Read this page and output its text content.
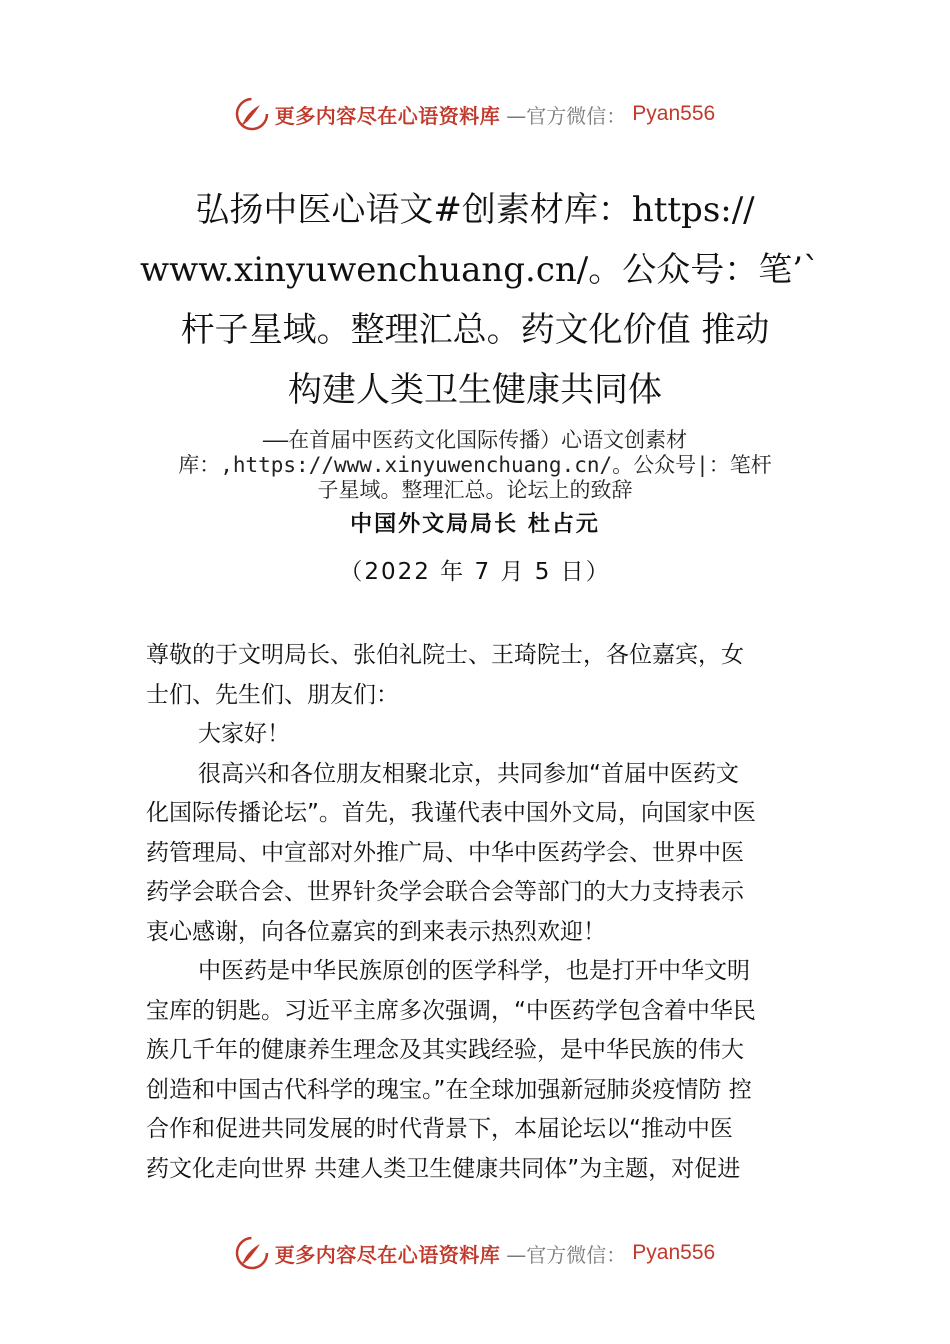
更多内容尽在心语资料库 —官方微信： Pyan556
弘扬中医心语文#创素材库：https://
www.xinyuwenchuang.cn/。公众号：笔’`
杆子星域。整理汇总。药文化价值 推动
构建人类卫生健康共同体
——在首届中医药文化国际传播）心语文创素材
库：,https://www.xinyuwenchuang.cn/。公众号|：笔杆
子星域。整理汇总。论坛上的致辞
中国外文局局长 杜占元
（2022 年 7 月 5 日）
尊敬的于文明局长、张伯礼院士、王琦院士，各位嘉宾，女
士们、先生们、朋友们：
大家好！
很高兴和各位朋友相聚北京，共同参加“首届中医药文
化国际传播论坛”。首先，我谨代表中国外文局，向国家中医
药管理局、中宣部对外推广局、中华中医药学会、世界中医
药学会联合会、世界针灸学会联合会等部门的大力支持表示
衷心感谢，向各位嘉宾的到来表示热烈欢迎！
中医药是中华民族原创的医学科学，也是打开中华文明
宝库的钥匙。习近平主席多次强调，“中医药学包含着中华民
族几千年的健康养生理念及其实践经验，是中华民族的伟大
创造和中国古代科学的瑰宝。”在全球加强新冠肺炎疫情防 控
合作和促进共同发展的时代背景下，本届论坛以“推动中医
药文化走向世界 共建人类卫生健康共同体”为主题，对促进
更多内容尽在心语资料库 —官方微信： Pyan556
